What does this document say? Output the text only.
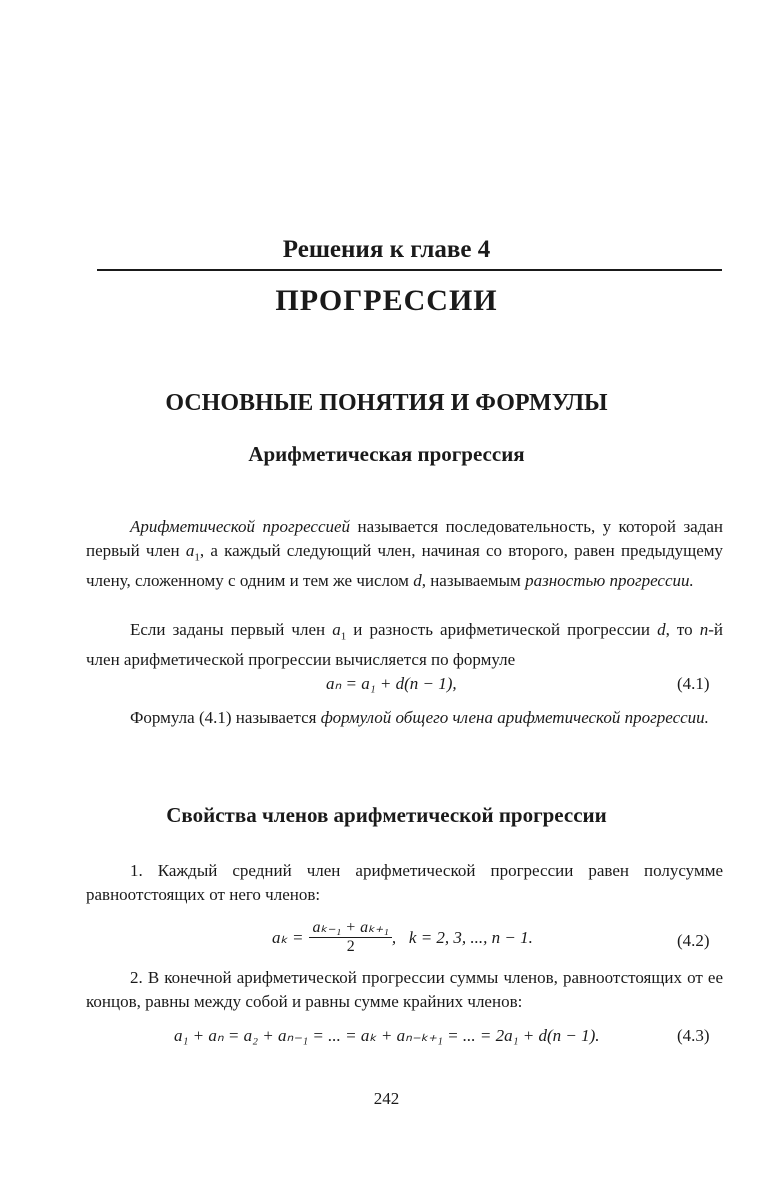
Решения к главе 4
ПРОГРЕССИИ
ОСНОВНЫЕ ПОНЯТИЯ И ФОРМУЛЫ
Арифметическая прогрессия
Арифметической прогрессией называется последовательность, у которой задан первый член $a_1$, а каждый следующий член, начиная со второго, равен предыдущему члену, сложенному с одним и тем же числом d, называемым разностью прогрессии.
Если заданы первый член $a_1$ и разность арифметической прогрессии d, то n-й член арифметической прогрессии вычисляется по формуле
aₙ = a₁ + d(n − 1),	(4.1)
Формула (4.1) называется формулой общего члена арифметической прогрессии.
Свойства членов арифметической прогрессии
1. Каждый средний член арифметической прогрессии равен полусумме равноотстоящих от него членов:
$a_k = \frac{\text{aₖ₋₁ + aₖ₊₁}}{2}$ ,   k = 2, 3, ..., n − 1.	(4.2)
2. В конечной арифметической прогрессии суммы членов, равноотстоящих от ее концов, равны между собой и равны сумме крайних членов:
a₁ + aₙ = a₂ + aₙ₋₁ = ... = aₖ + aₙ₋ₖ₊₁ = ... = 2a₁ + d(n − 1).	(4.3)
242
